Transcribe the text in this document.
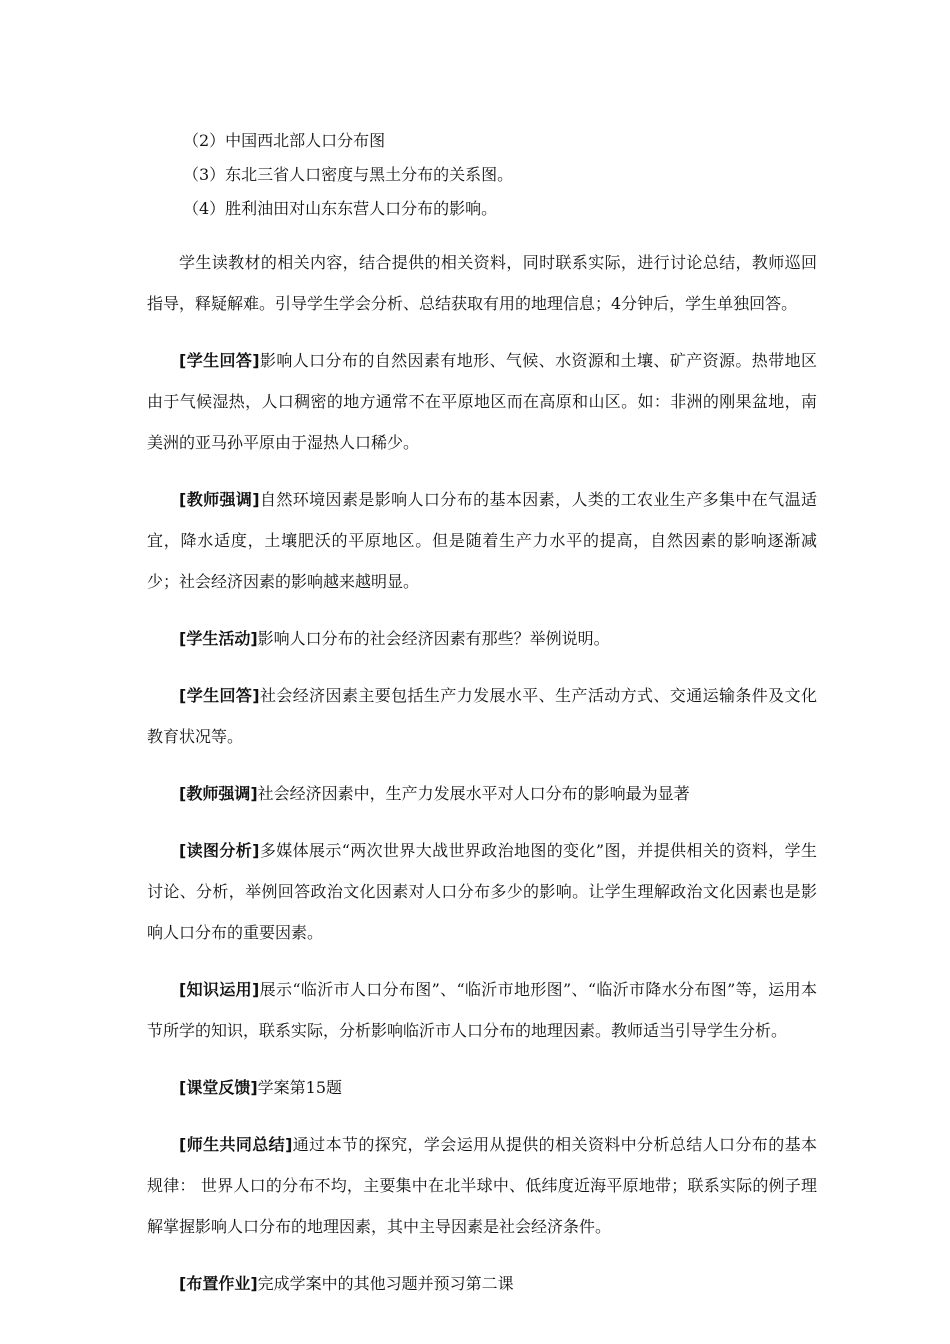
（2）中国西北部人口分布图

（3）东北三省人口密度与黑土分布的关系图。

（4）胜利油田对山东东营人口分布的影响。

学生读教材的相关内容，结合提供的相关资料，同时联系实际，进行讨论总结，教师巡回指导，释疑解难。引导学生学会分析、总结获取有用的地理信息；4分钟后，学生单独回答。

[学生回答]影响人口分布的自然因素有地形、气候、水资源和土壤、矿产资源。热带地区由于气候湿热，人口稠密的地方通常不在平原地区而在高原和山区。如：非洲的刚果盆地，南美洲的亚马孙平原由于湿热人口稀少。

[教师强调]自然环境因素是影响人口分布的基本因素，人类的工农业生产多集中在气温适宜，降水适度，土壤肥沃的平原地区。但是随着生产力水平的提高，自然因素的影响逐渐减少；社会经济因素的影响越来越明显。

[学生活动]影响人口分布的社会经济因素有那些？举例说明。

[学生回答]社会经济因素主要包括生产力发展水平、生产活动方式、交通运输条件及文化教育状况等。

[教师强调]社会经济因素中，生产力发展水平对人口分布的影响最为显著

[读图分析]多媒体展示“两次世界大战世界政治地图的变化”图，并提供相关的资料，学生讨论、分析，举例回答政治文化因素对人口分布多少的影响。让学生理解政治文化因素也是影响人口分布的重要因素。

[知识运用]展示“临沂市人口分布图”、“临沂市地形图”、“临沂市降水分布图”等，运用本节所学的知识，联系实际，分析影响临沂市人口分布的地理因素。教师适当引导学生分析。

[课堂反馈]学案第15题

[师生共同总结]通过本节的探究，学会运用从提供的相关资料中分析总结人口分布的基本规律： 世界人口的分布不均，主要集中在北半球中、低纬度近海平原地带；联系实际的例子理解掌握影响人口分布的地理因素，其中主导因素是社会经济条件。

[布置作业]完成学案中的其他习题并预习第二课
